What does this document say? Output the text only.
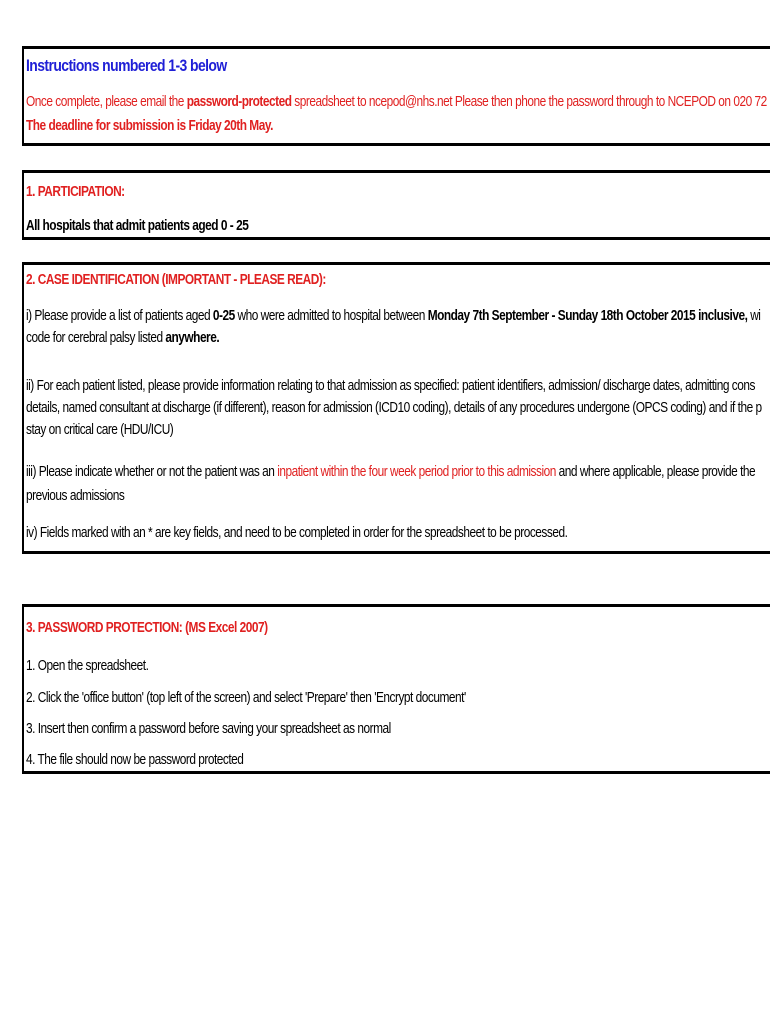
Instructions numbered 1-3 below
Once complete, please email the password-protected spreadsheet to ncepod@nhs.net Please then phone the password through to NCEPOD on 020 72
The deadline for submission is Friday 20th May.
1. PARTICIPATION:
All hospitals that admit patients aged 0 - 25
2. CASE IDENTIFICATION (IMPORTANT - PLEASE READ):
i) Please provide a list of patients aged 0-25 who were admitted to hospital between Monday 7th September - Sunday 18th October 2015 inclusive, wi
code for cerebral palsy listed anywhere.
ii) For each patient listed, please provide information relating to that admission as specified: patient identifiers, admission/ discharge dates, admitting cons
details, named consultant at discharge (if different), reason for admission (ICD10 coding), details of any procedures undergone (OPCS coding) and if the p
stay on critical care (HDU/ICU)
iii) Please indicate whether or not the patient was an inpatient within the four week period prior to this admission and where applicable, please provide the
previous admissions
iv) Fields marked with an * are key fields, and need to be completed in order for the spreadsheet to be processed.
3. PASSWORD PROTECTION: (MS Excel 2007)
1. Open the spreadsheet.
2. Click the 'office button' (top left of the screen) and select 'Prepare' then 'Encrypt document'
3. Insert then confirm a password before saving your spreadsheet as normal
4. The file should now be password protected
